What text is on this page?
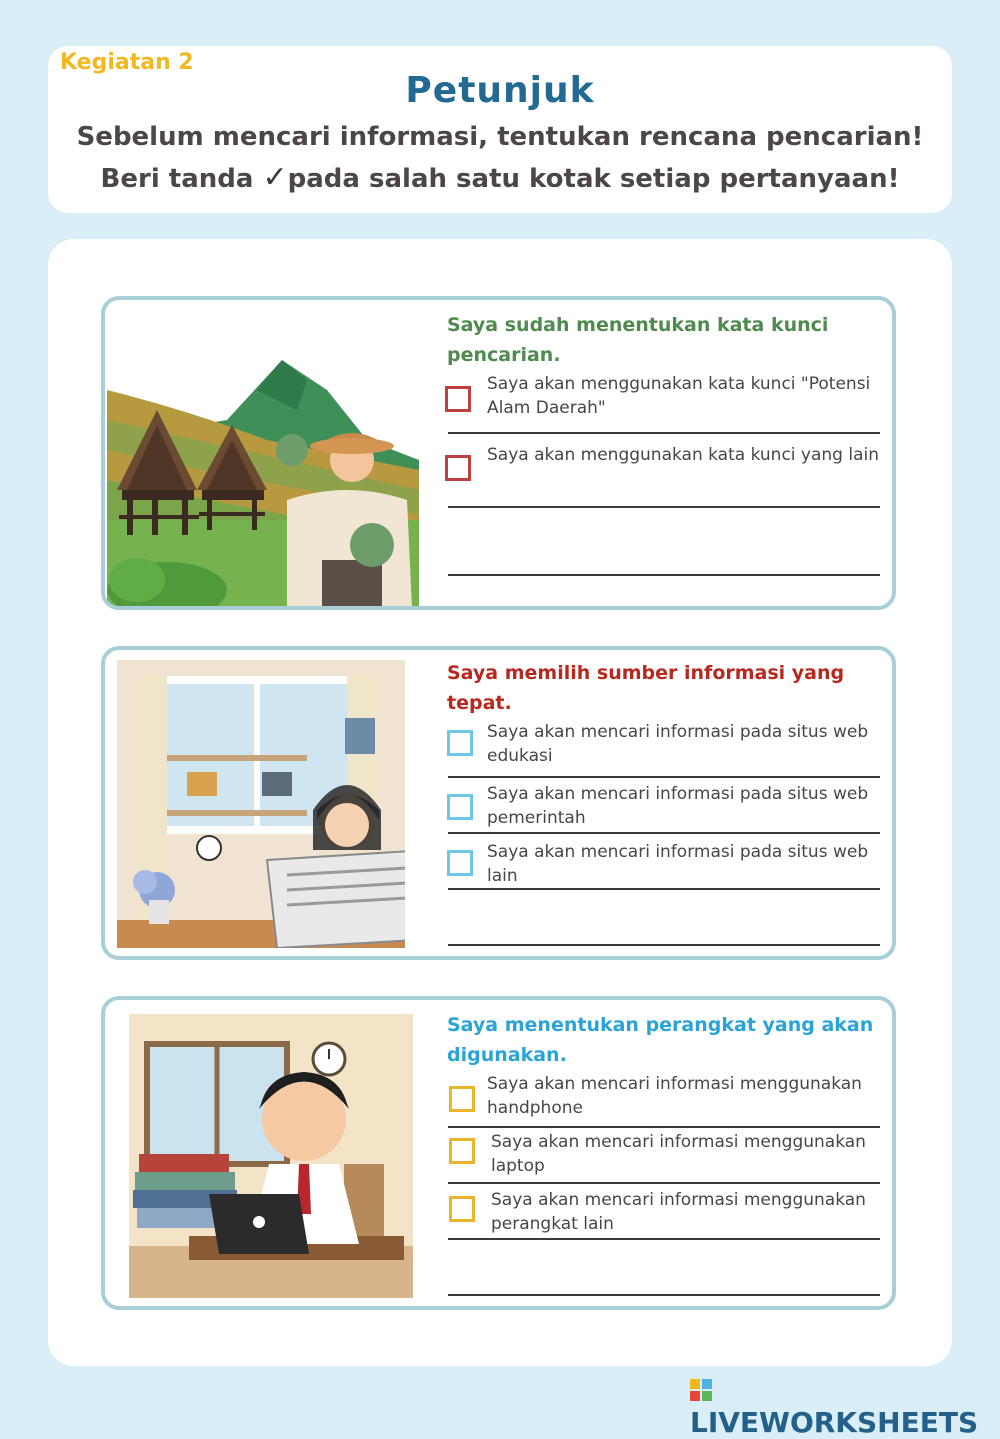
Kegiatan 2
Petunjuk
Sebelum mencari informasi, tentukan rencana pencarian!
Beri tanda ✓pada salah satu kotak setiap pertanyaan!
Saya sudah menentukan kata kunci pencarian.
Saya akan menggunakan kata kunci "Potensi Alam Daerah"
Saya akan menggunakan kata kunci yang lain
Saya memilih sumber informasi yang tepat.
Saya akan mencari informasi pada situs web edukasi
Saya akan mencari informasi pada situs web pemerintah
Saya akan mencari informasi pada situs web lain
Saya menentukan perangkat yang akan digunakan.
Saya akan mencari informasi menggunakan handphone
Saya akan mencari informasi menggunakan laptop
Saya akan mencari informasi menggunakan perangkat lain
LIVEWORKSHEETS
